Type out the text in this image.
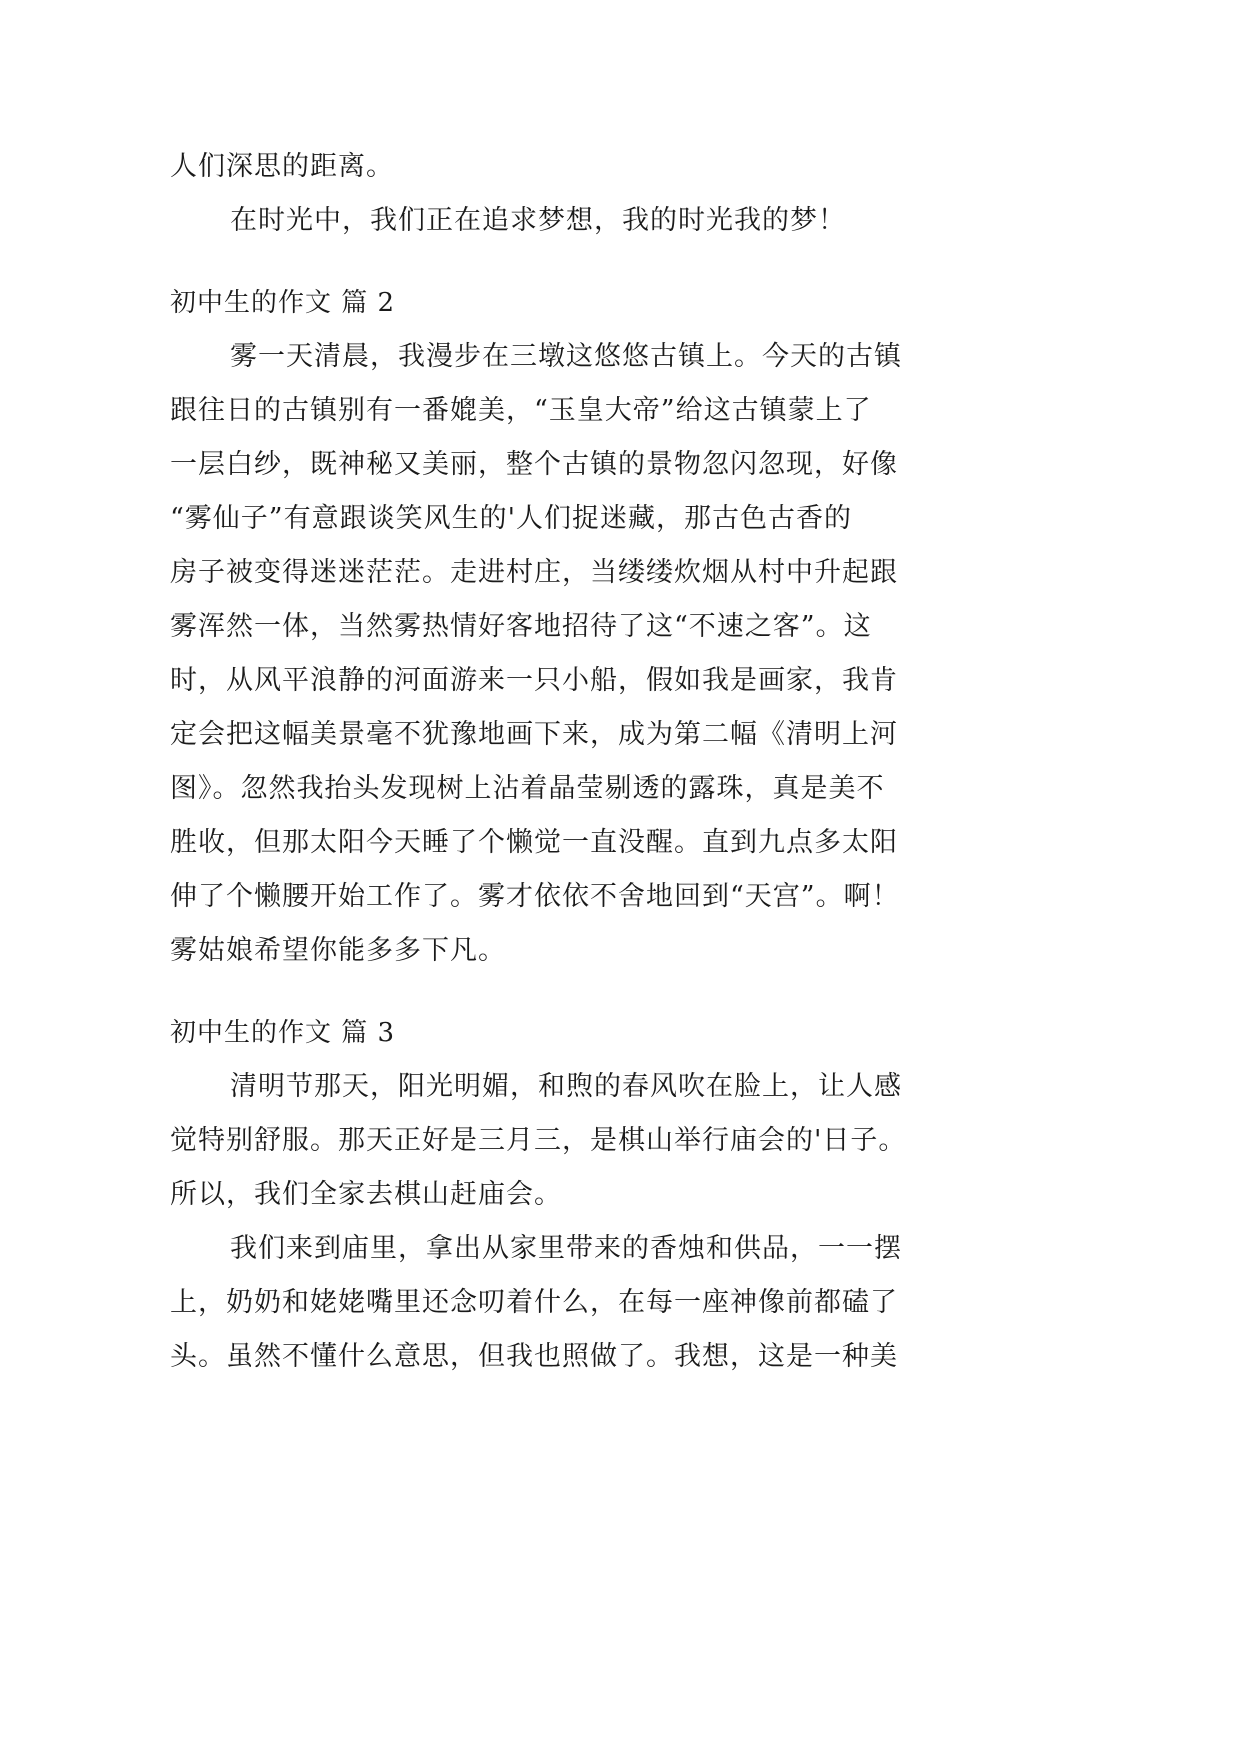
人们深思的距离。
在时光中，我们正在追求梦想，我的时光我的梦！
初中生的作文 篇 2
雾一天清晨，我漫步在三墩这悠悠古镇上。今天的古镇
跟往日的古镇别有一番媲美，“玉皇大帝”给这古镇蒙上了
一层白纱，既神秘又美丽，整个古镇的景物忽闪忽现，好像
“雾仙子”有意跟谈笑风生的'人们捉迷藏，那古色古香的
房子被变得迷迷茫茫。走进村庄，当缕缕炊烟从村中升起跟
雾浑然一体，当然雾热情好客地招待了这“不速之客”。这
时，从风平浪静的河面游来一只小船，假如我是画家，我肯
定会把这幅美景毫不犹豫地画下来，成为第二幅《清明上河
图》。忽然我抬头发现树上沾着晶莹剔透的露珠，真是美不
胜收，但那太阳今天睡了个懒觉一直没醒。直到九点多太阳
伸了个懒腰开始工作了。雾才依依不舍地回到“天宫”。啊！
雾姑娘希望你能多多下凡。
初中生的作文 篇 3
清明节那天，阳光明媚，和煦的春风吹在脸上，让人感
觉特别舒服。那天正好是三月三，是棋山举行庙会的'日子。
所以，我们全家去棋山赶庙会。
我们来到庙里，拿出从家里带来的香烛和供品，一一摆
上，奶奶和姥姥嘴里还念叨着什么，在每一座神像前都磕了
头。虽然不懂什么意思，但我也照做了。我想，这是一种美
